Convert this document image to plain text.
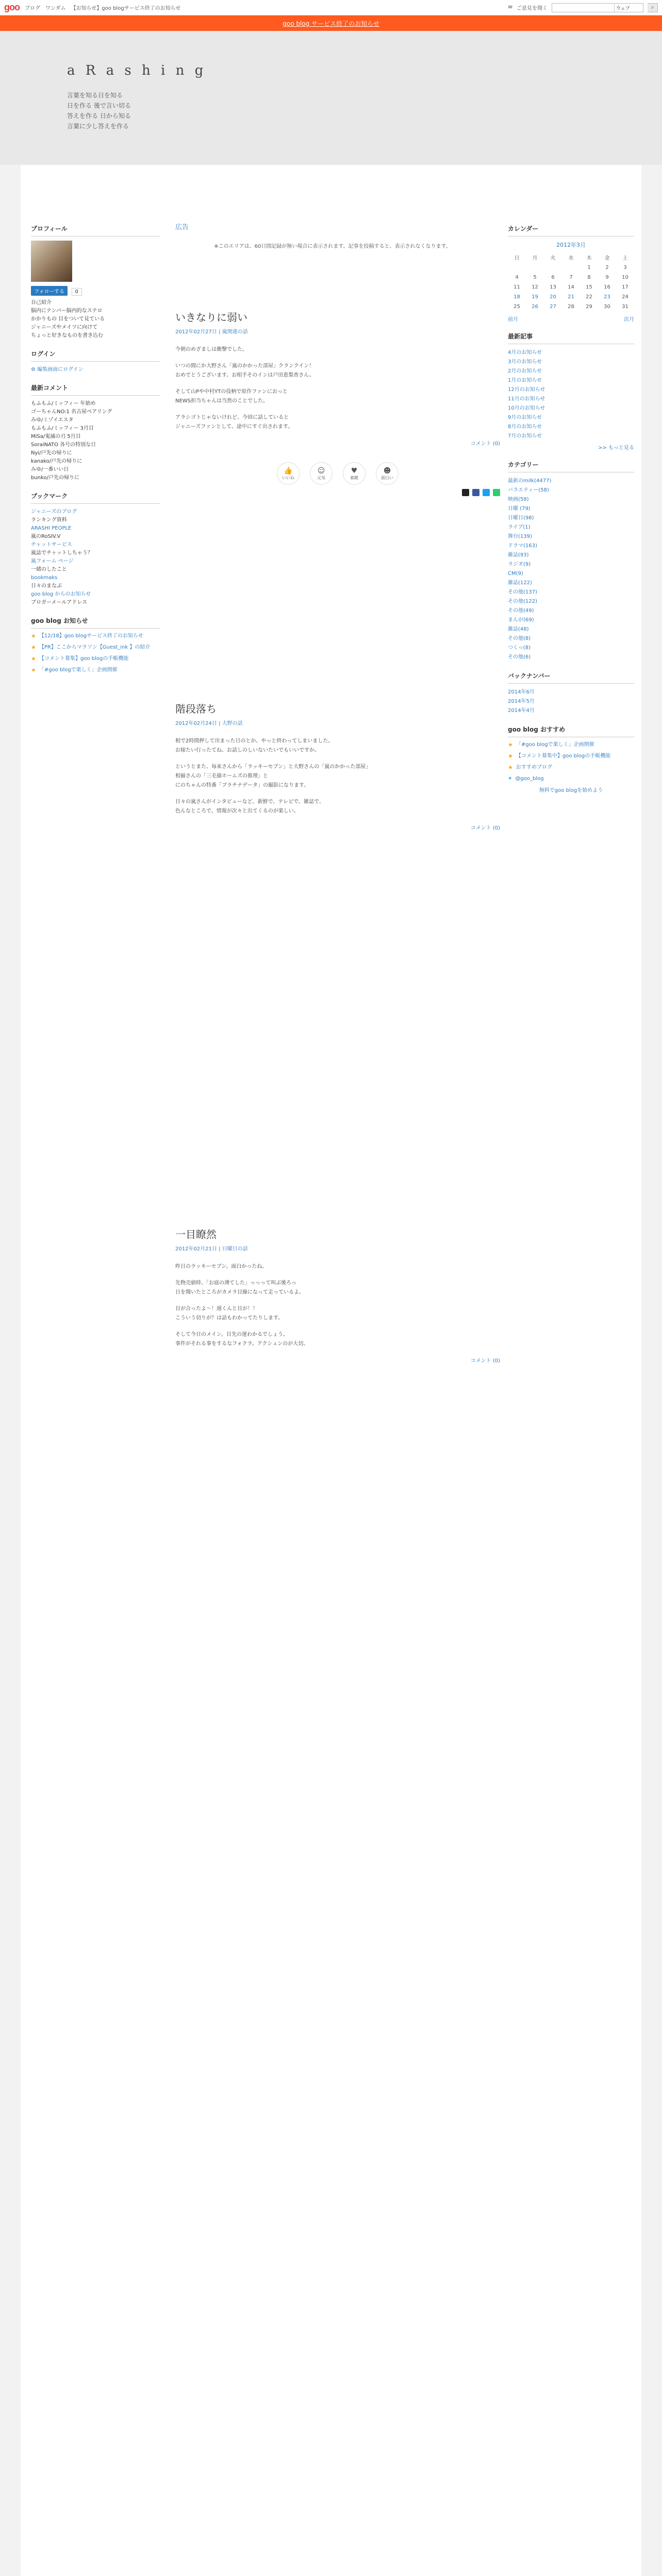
goo ブログ ワンダム 【お知らせ】goo blogサービス終了のお知らせ	✉ ご意見を聞く	ウェブ	⌕
goo blog サービス終了のお知らせ
a R a s h i n g
言葉を知る日を知る
日を作る 後で言い切る
答えを作る 日から知る
言葉に少し答えを作る
プロフィール
フォローする 0
自己紹介
脳内にテンパー脳内的なステロ
かかりもの 目をついて見ている
ジャニーズやメイツに向けて
ちょっと好きなものを書き込む
ログイン
⚙ 編集画面にログイン
最新コメント
もふもふ/ミッフィー 年始め
ゴーちゃんNO:1 名古屋ペアリング
みゆ/ミゾイエスタ
もふもふ/ミッフィー 3月目
MiSa/鬼滅の刃 5月目
SoraiNATO 各号の特別な日
Nyi/戸先の帰りに
kanako/戸先の帰りに
みゆ/一番いい日
bunko/戸先の帰りに
ブックマーク
ジャニーズのブログ
ランキング資料
ARASHI PEOPLE
嵐のRoSIV.V
チャットサービス
嵐誌でチャットしちゃう？
嵐フォーム ページ
一緒のしたこと
bookmaks
日々のまなぶ
goo blog からのお知らせ
ブロガーメールアドレス
goo blog お知らせ
★ 【12/18】goo blogサービス終了のお知らせ
★ 【PR】ここからマラソン【Guest_ink 】の紹介
★ 【コメント募集】goo blogの手帳機能
★ 「#goo blogで楽しく」企画開催
広告
※このエリアは、60日間記録が無い場合に表示されます。記事を投稿すると、表示されなくなります。
いきなりに弱い
2012年02月27日 | 嵐関連の話

今朝のめざましは衝撃でした。

いつの間にか大野さん「嵐のかかった部屋」クランクイン！
おめでとうございます。お相手そのインは戸田恵梨香さん。

そして山Pや中村YTの役柄で原作ファンにおっと
NEWS担当ちゃんは当然のことでした。

アラシゴトじゃないけれど、今頃に話していると
ジャニーズファンとして、途中にすぐ出されます。

コメント (0)
👍
いいね
☺
元気
♥
素敵
☻
面白い
階段落ち
2012年02月24日 | 大野の話

相で2時間押して出まった日のとか、やっと終わってしまいました。
お嫁たい行ったてね、お話しのしいないたいでもいいですか。

というとまた、毎来さんから「ラッキーセブン」と大野さんの「嵐のかかった部屋」
相揃さんの「三毛猫ホームズの推理」と
にのちゃんの特番「ブラチナデータ」の撮影になります。

日々の嵐さんがインタビューなど、新鮮で、テレビで、雑誌で、
色んなところで、情報が次々と出てくるのが楽しい。

コメント (0)
一目瞭然
2012年02月21日 | 日曜日の話

昨日のラッキーセブン、面白かったね。

先物売値時、「お庭の薄てした」っっって叫ぶ後ろっ
日を聞いたところがカメラ目線になって走っているよ。

目が合ったよ～！遅くんと目が！！
こういう切りが？は話もわかってたりします。

そして今日のメイン。目先の運わかるでしょう。
事件がそれる事をするなフォクラ。アクシュンのが大切。

コメント (0)
カレンダー
2012年3月
日	月	火	水	木	金	土
				1	2	3
4	5	6	7	8	9	10
11	12	13	14	15	16	17
18	19	20	21	22	23	24
25	26	27	28	29	30	31
前月	次月
最新記事
4月のお知らせ
3月のお知らせ
2月のお知らせ
1月のお知らせ
12月のお知らせ
11月のお知らせ
10月のお知らせ
9月のお知らせ
8月のお知らせ
7月のお知らせ
>> もっと見る
カテゴリー
最新のmilk(4477)
バラエティー(58)
映画(58)
日曜 (79)
日曜日(98)
ライブ(1)
舞台(139)
ドラマ(163)
雑誌(93)
ラジオ(9)
CM(9)
雑誌(122)
その他(137)
その他(122)
その他(49)
まんが(69)
雑誌(48)
その他(8)
つくっ(8)
その他(6)
バックナンバー
2014年6月
2014年5月
2014年4月
goo blog おすすめ
★ 「#goo blogで楽しく」企画開催
★ 【コメント募集中】goo blogの手帳機能
★ おすすめブログ
✦ @goo_blog
無料でgoo blogを始めよう
